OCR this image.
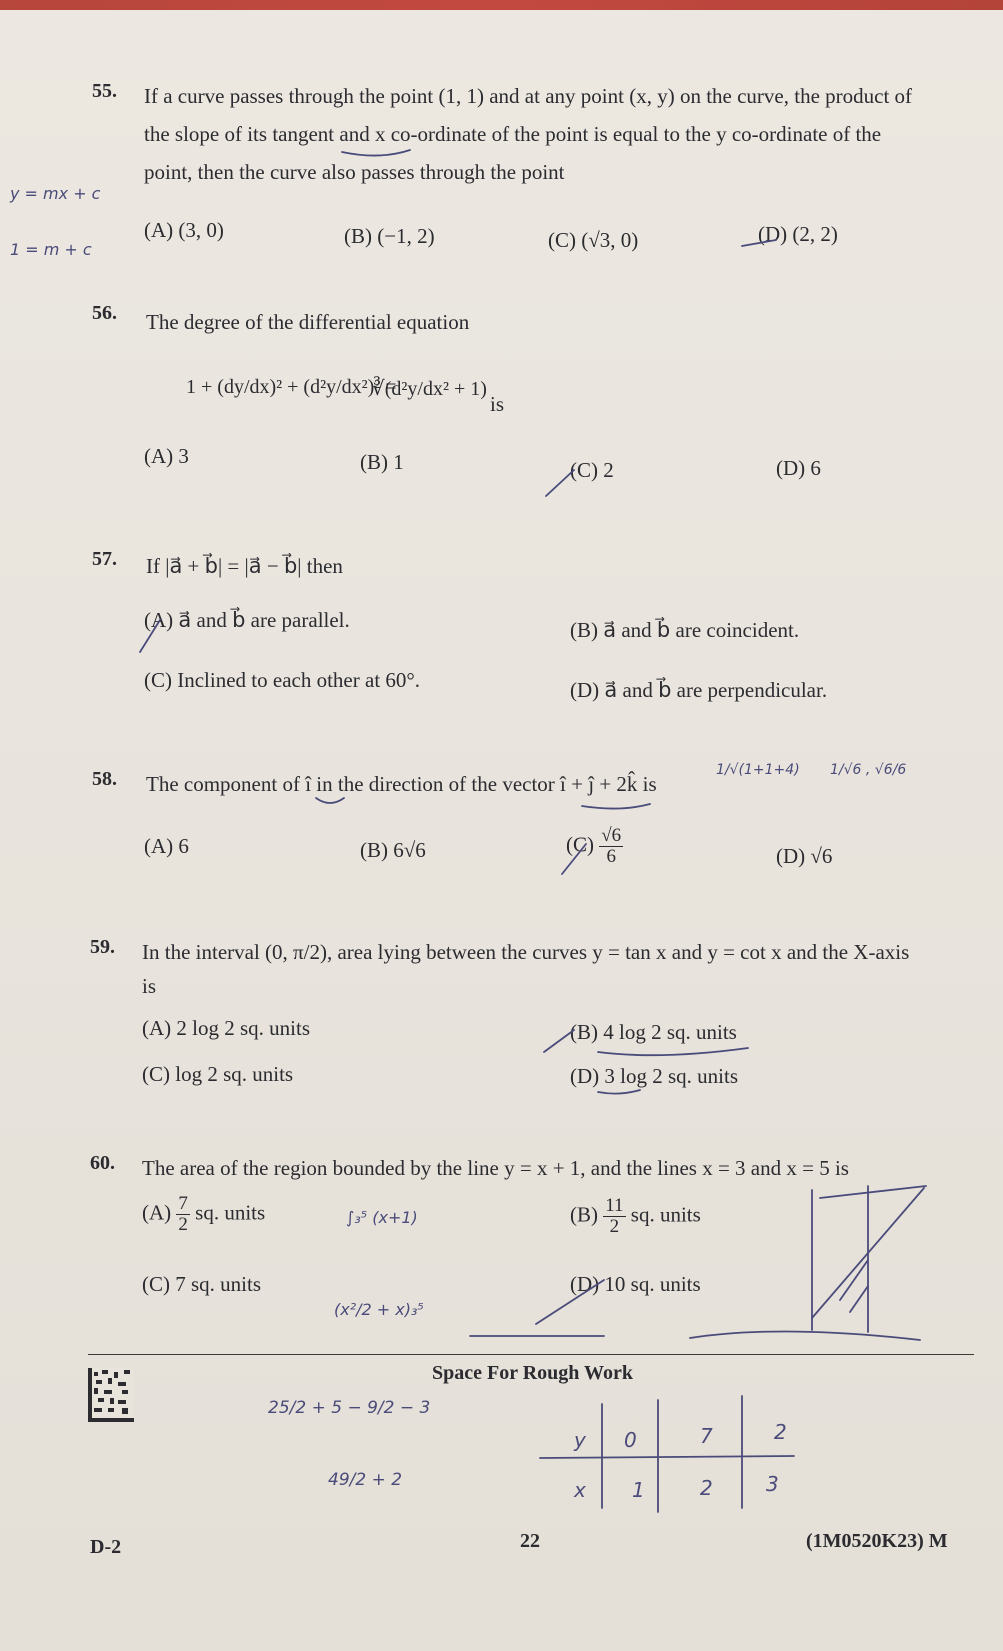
55. If a curve passes through the point (1, 1) and at any point (x, y) on the curve, the product of
the slope of its tangent and x co-ordinate of the point is equal to the y co-ordinate of the
point, then the curve also passes through the point
(A) (3, 0)	(B) (−1, 2)	(C) (√3, 0)	(D) (2, 2)
56. The degree of the differential equation
1 + (dy/dx)² + (d²y/dx²)² =
∛(d²y/dx² + 1)
is
(A) 3	(B) 1	(C) 2	(D) 6
57. If |a⃗ + b⃗| = |a⃗ − b⃗| then
(A) a⃗ and b⃗ are parallel.	(B) a⃗ and b⃗ are coincident.
(C) Inclined to each other at 60°.	(D) a⃗ and b⃗ are perpendicular.
58. The component of î in the direction of the vector î + ĵ + 2k̂ is
(A) 6	(B) 6√6	$(C) \frac{√6}{6}$	(D) √6
59. In the interval (0, π/2), area lying between the curves y = tan x and y = cot x and the X-axis
is
(A) 2 log 2 sq. units	(B) 4 log 2 sq. units
(C) log 2 sq. units	(D) 3 log 2 sq. units
60. The area of the region bounded by the line y = x + 1, and the lines x = 3 and x = 5 is
$(A) \frac{7}{2}$ sq. units	$(B) \frac{11}{2}$ sq. units
(C) 7 sq. units	(D) 10 sq. units
Space For Rough Work
D-2	22	(1M0520K23) M
y = mx + c
1 = m + c
1/√(1+1+4) 1/√6 , √6/6
∫₃⁵ (x+1)
(x²/2 + x)₃⁵
25/2 + 5 − 9/2 − 3
49/2 + 2
y 0	7	2
x 1	2	3
